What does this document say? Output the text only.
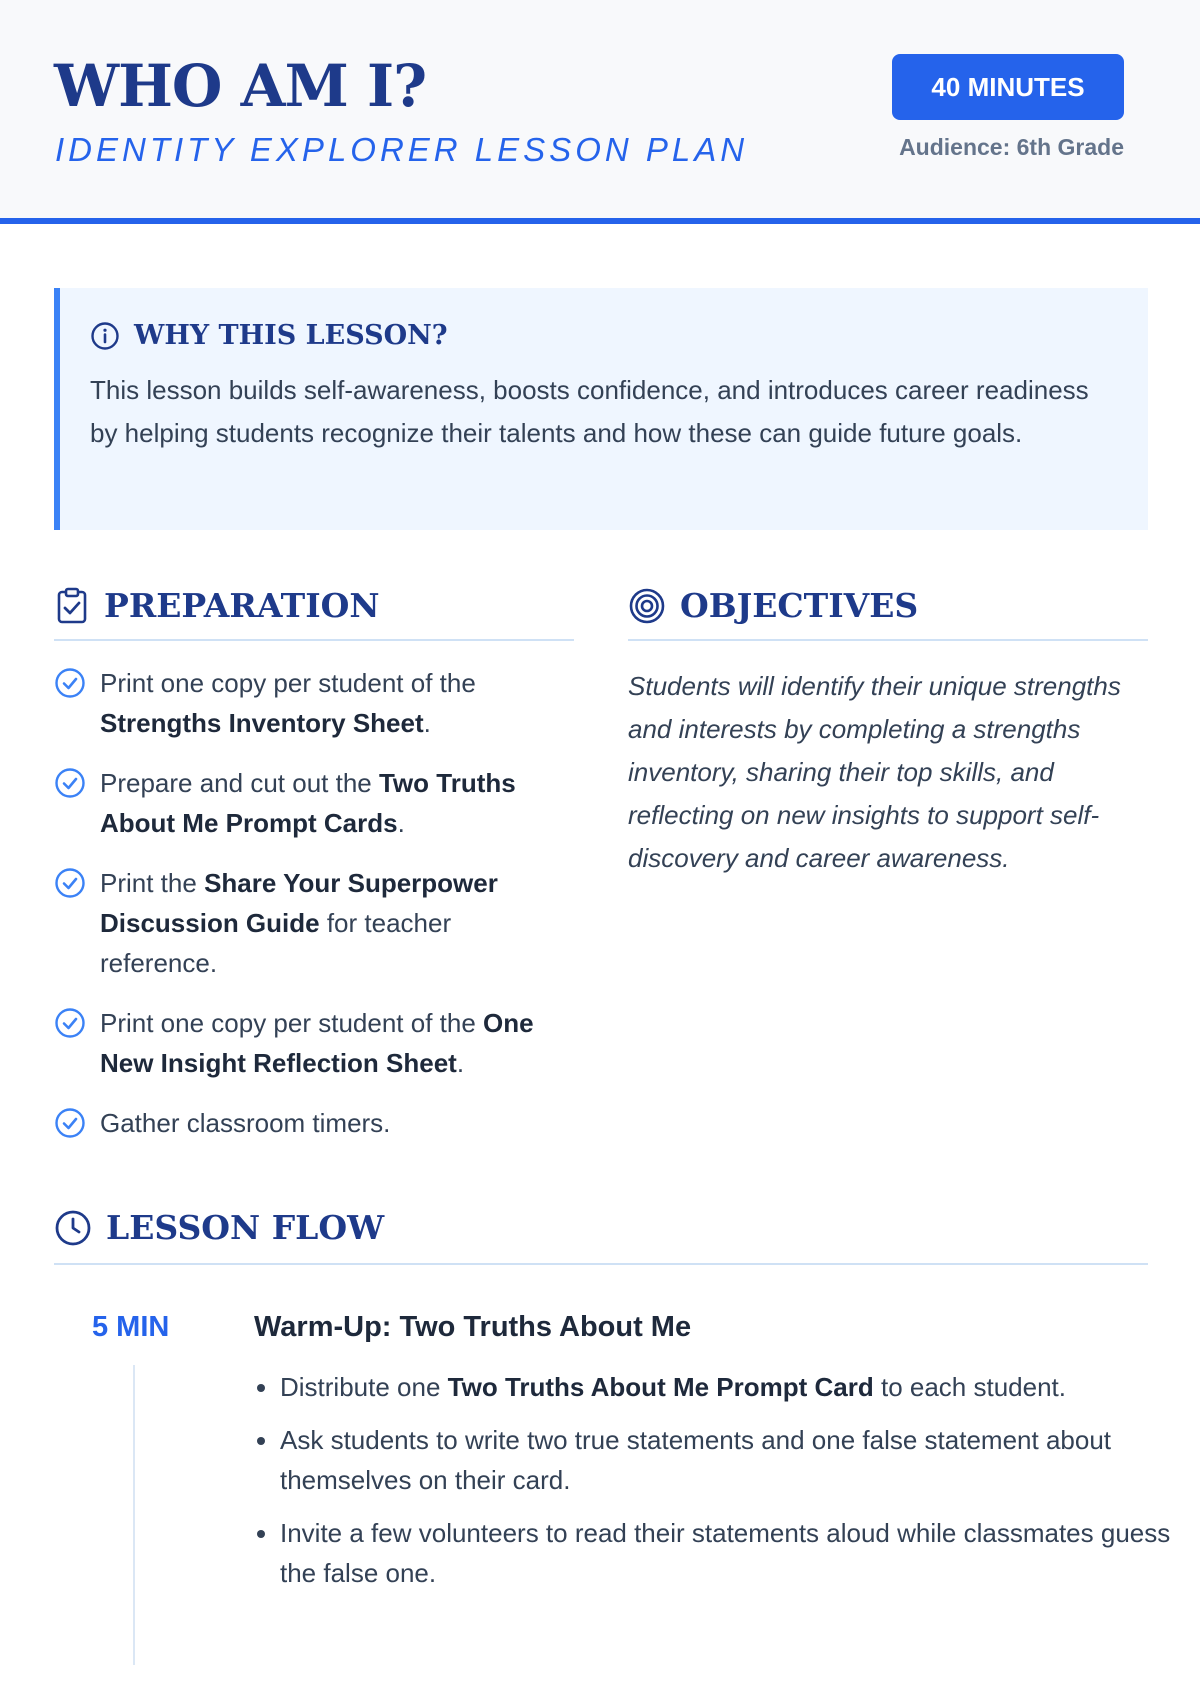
WHO AM I?
IDENTITY EXPLORER LESSON PLAN
40 MINUTES
Audience: 6th Grade
WHY THIS LESSON?
This lesson builds self-awareness, boosts confidence, and introduces career readiness by helping students recognize their talents and how these can guide future goals.
PREPARATION
Print one copy per student of the Strengths Inventory Sheet.
Prepare and cut out the Two Truths About Me Prompt Cards.
Print the Share Your Superpower Discussion Guide for teacher reference.
Print one copy per student of the One New Insight Reflection Sheet.
Gather classroom timers.
OBJECTIVES
Students will identify their unique strengths and interests by completing a strengths inventory, sharing their top skills, and reflecting on new insights to support self-discovery and career awareness.
LESSON FLOW
5 MIN	Warm-Up: Two Truths About Me
• Distribute one Two Truths About Me Prompt Card to each student.
• Ask students to write two true statements and one false statement about themselves on their card.
• Invite a few volunteers to read their statements aloud while classmates guess the false one.
